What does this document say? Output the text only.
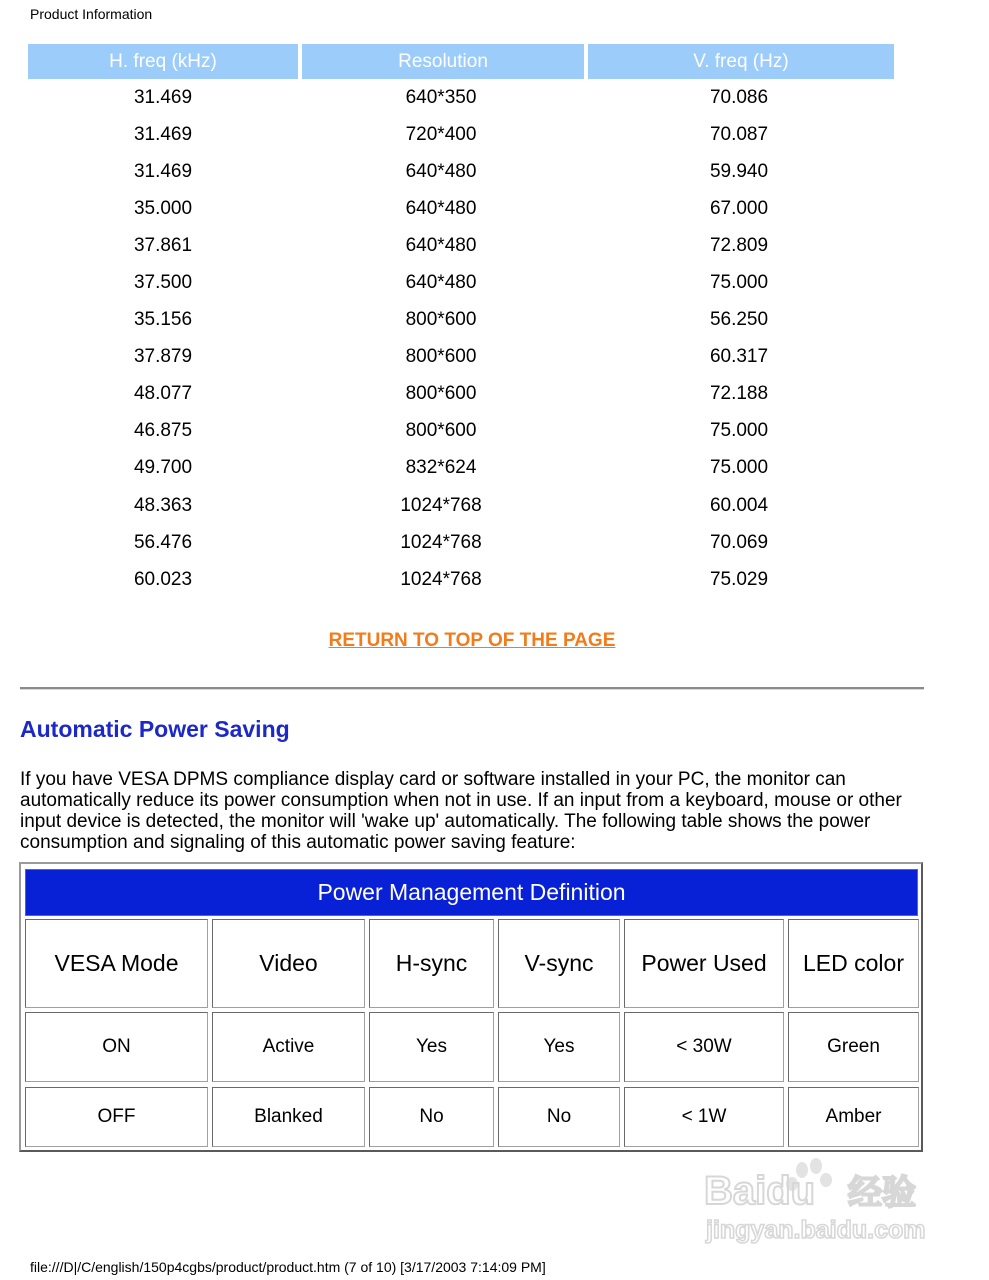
Product Information
H. freq (kHz)	Resolution	V. freq (Hz)
31.469	640*350	70.086
31.469	720*400	70.087
31.469	640*480	59.940
35.000	640*480	67.000
37.861	640*480	72.809
37.500	640*480	75.000
35.156	800*600	56.250
37.879	800*600	60.317
48.077	800*600	72.188
46.875	800*600	75.000
49.700	832*624	75.000
48.363	1024*768	60.004
56.476	1024*768	70.069
60.023	1024*768	75.029
RETURN TO TOP OF THE PAGE
Automatic Power Saving

If you have VESA DPMS compliance display card or software installed in your PC, the monitor can automatically reduce its power consumption when not in use. If an input from a keyboard, mouse or other input device is detected, the monitor will 'wake up' automatically. The following table shows the power consumption and signaling of this automatic power saving feature:

Power Management Definition
VESA Mode	Video	H-sync	V-sync	Power Used	LED color
ON	Active	Yes	Yes	< 30W	Green
OFF	Blanked	No	No	< 1W	Amber
Baidu 经验
jingyan.baidu.com
file:///D|/C/english/150p4cgbs/product/product.htm (7 of 10) [3/17/2003 7:14:09 PM]
